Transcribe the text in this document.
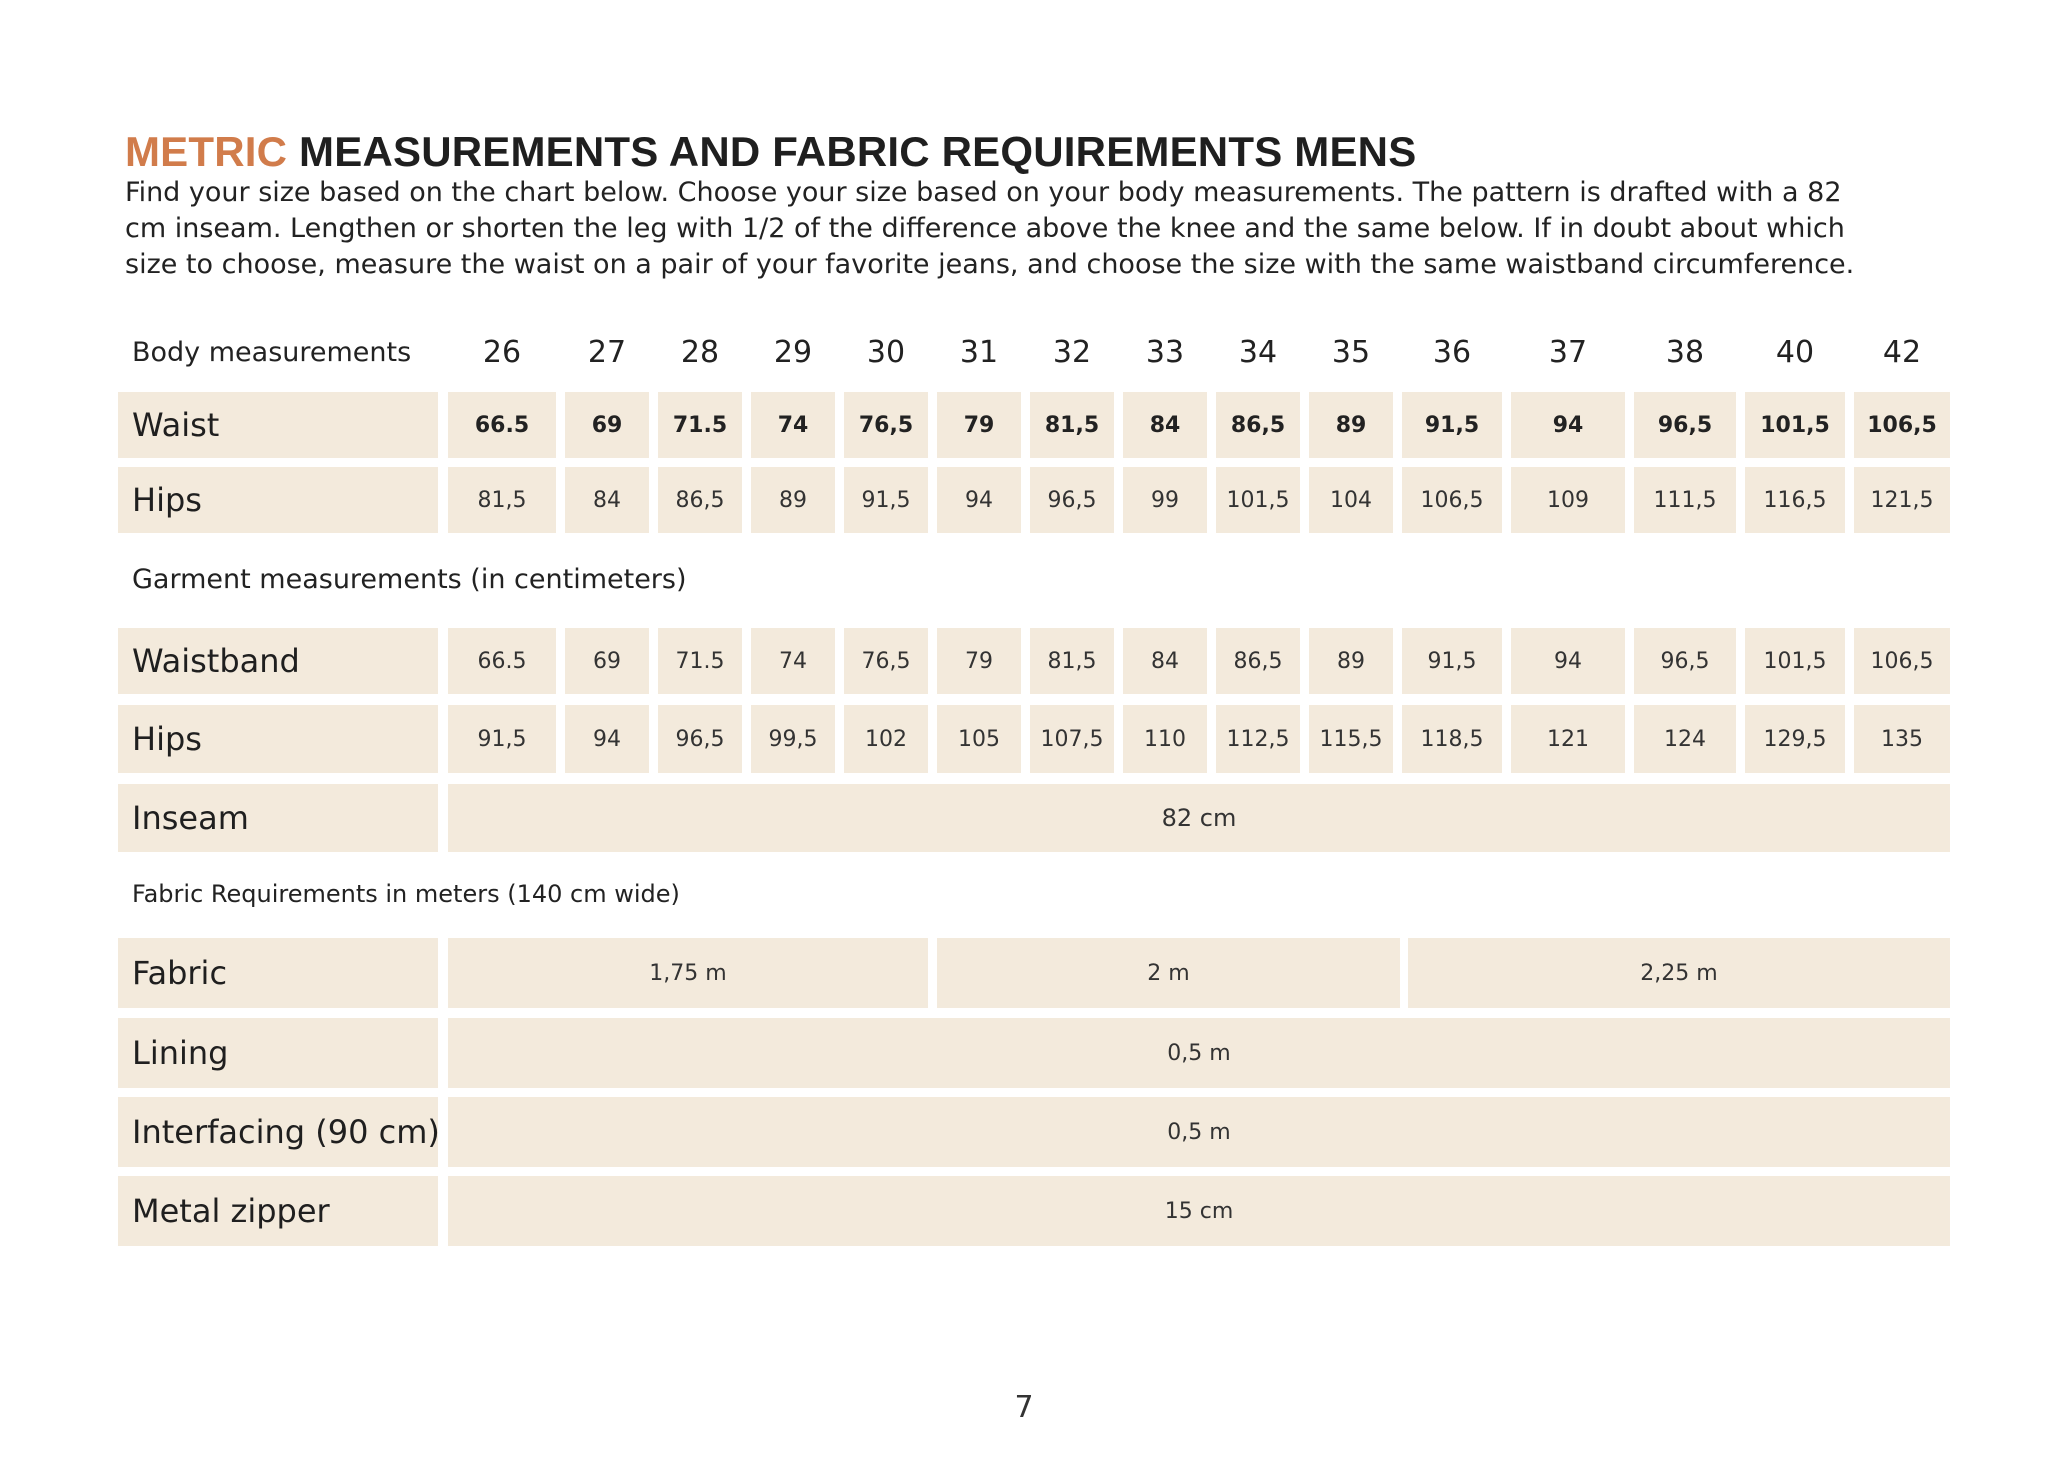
METRIC MEASUREMENTS AND FABRIC REQUIREMENTS MENS

Find your size based on the chart below. Choose your size based on your body measurements. The pattern is drafted with a 82 cm inseam. Lengthen or shorten the leg with 1/2 of the difference above the knee and the same below. If in doubt about which size to choose, measure the waist on a pair of your favorite jeans, and choose the size with the same waistband circumference.

Body measurements	26	27	28	29	30	31	32	33	34	35	36	37	38	40	42
Waist	66.5	69	71.5	74	76,5	79	81,5	84	86,5	89	91,5	94	96,5	101,5	106,5
Hips	81,5	84	86,5	89	91,5	94	96,5	99	101,5	104	106,5	109	111,5	116,5	121,5
Garment measurements (in centimeters)
Waistband	66.5	69	71.5	74	76,5	79	81,5	84	86,5	89	91,5	94	96,5	101,5	106,5
Hips	91,5	94	96,5	99,5	102	105	107,5	110	112,5	115,5	118,5	121	124	129,5	135
Inseam	82 cm
Fabric Requirements in meters (140 cm wide)
Fabric	1,75 m	2 m	2,25 m
Lining	0,5 m
Interfacing (90 cm)	0,5 m
Metal zipper	15 cm
7
